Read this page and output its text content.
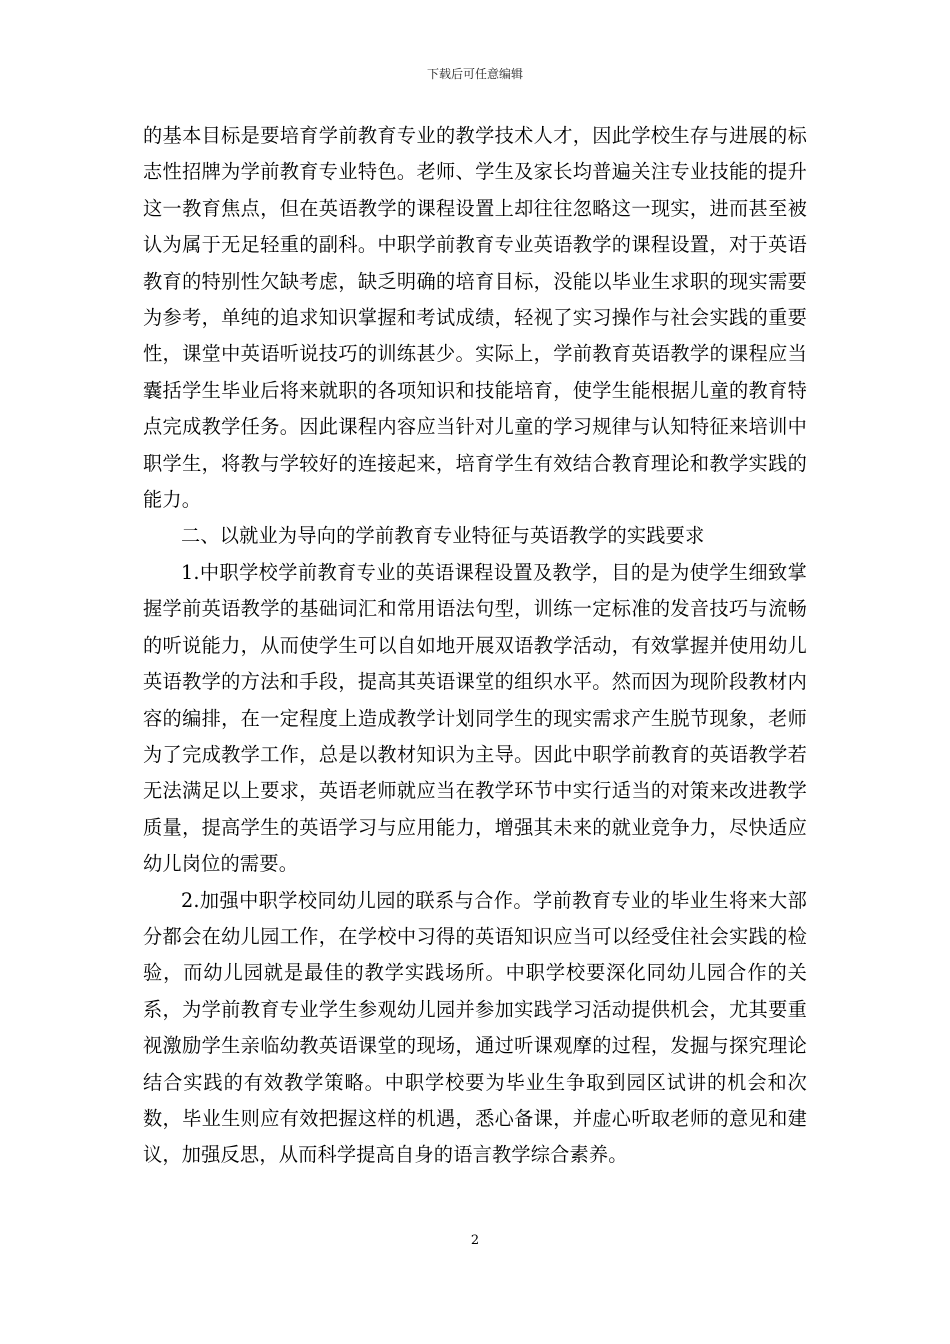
下载后可任意编辑

的基本目标是要培育学前教育专业的教学技术人才，因此学校生存与进展的标志性招牌为学前教育专业特色。老师、学生及家长均普遍关注专业技能的提升这一教育焦点，但在英语教学的课程设置上却往往忽略这一现实，进而甚至被认为属于无足轻重的副科。中职学前教育专业英语教学的课程设置，对于英语教育的特别性欠缺考虑，缺乏明确的培育目标，没能以毕业生求职的现实需要为参考，单纯的追求知识掌握和考试成绩，轻视了实习操作与社会实践的重要性，课堂中英语听说技巧的训练甚少。实际上，学前教育英语教学的课程应当囊括学生毕业后将来就职的各项知识和技能培育，使学生能根据儿童的教育特点完成教学任务。因此课程内容应当针对儿童的学习规律与认知特征来培训中职学生，将教与学较好的连接起来，培育学生有效结合教育理论和教学实践的能力。

二、以就业为导向的学前教育专业特征与英语教学的实践要求

1.中职学校学前教育专业的英语课程设置及教学，目的是为使学生细致掌握学前英语教学的基础词汇和常用语法句型，训练一定标准的发音技巧与流畅的听说能力，从而使学生可以自如地开展双语教学活动，有效掌握并使用幼儿英语教学的方法和手段，提高其英语课堂的组织水平。然而因为现阶段教材内容的编排，在一定程度上造成教学计划同学生的现实需求产生脱节现象，老师为了完成教学工作，总是以教材知识为主导。因此中职学前教育的英语教学若无法满足以上要求，英语老师就应当在教学环节中实行适当的对策来改进教学质量，提高学生的英语学习与应用能力，增强其未来的就业竞争力，尽快适应幼儿岗位的需要。

2.加强中职学校同幼儿园的联系与合作。学前教育专业的毕业生将来大部分都会在幼儿园工作，在学校中习得的英语知识应当可以经受住社会实践的检验，而幼儿园就是最佳的教学实践场所。中职学校要深化同幼儿园合作的关系，为学前教育专业学生参观幼儿园并参加实践学习活动提供机会，尤其要重视激励学生亲临幼教英语课堂的现场，通过听课观摩的过程，发掘与探究理论结合实践的有效教学策略。中职学校要为毕业生争取到园区试讲的机会和次数，毕业生则应有效把握这样的机遇，悉心备课，并虚心听取老师的意见和建议，加强反思，从而科学提高自身的语言教学综合素养。

2
